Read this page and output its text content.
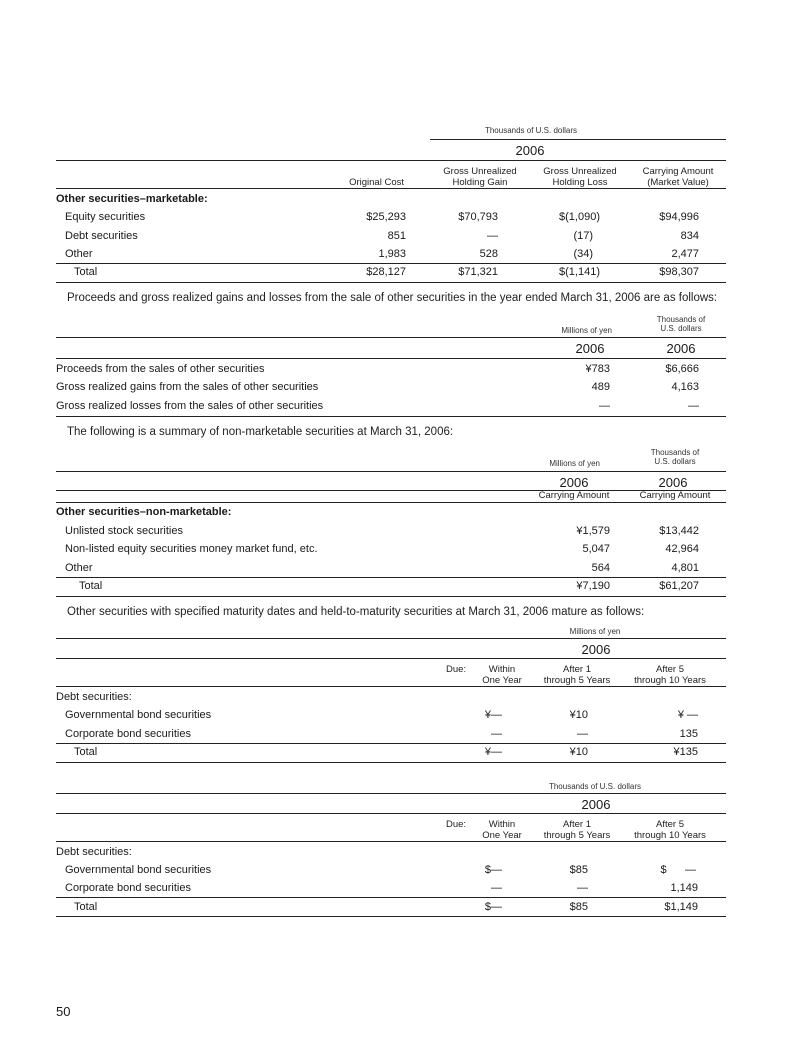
Thousands of U.S. dollars
2006

Original Cost
Gross Unrealized
Holding Gain
Gross Unrealized
Holding Loss
Carrying Amount
(Market Value)
Other securities–marketable:
Equity securities	$25,293	$70,793	$(1,090)	$94,996
Debt securities	851	—	(17)	834
Other	1,983	528	(34)	2,477
Total	$28,127	$71,321	$(1,141)	$98,307
Proceeds and gross realized gains and losses from the sale of other securities in the year ended March 31, 2006 are as follows:
Millions of yen
Thousands of
U.S. dollars
2006	2006
Proceeds from the sales of other securities	¥783	$6,666
Gross realized gains from the sales of other securities	489	4,163
Gross realized losses from the sales of other securities	—	—
The following is a summary of non-marketable securities at March 31, 2006:
Millions of yen
Thousands of
U.S. dollars
2006	2006
Carrying Amount	Carrying Amount
Other securities–non-marketable:
Unlisted stock securities	¥1,579	$13,442
Non-listed equity securities money market fund, etc.	5,047	42,964
Other	564	4,801
Total	¥7,190	$61,207
Other securities with specified maturity dates and held-to-maturity securities at March 31, 2006 mature as follows:
Millions of yen
2006
Due:	Within
One Year
After 1
through 5 Years
After 5
through 10 Years
Debt securities:
Governmental bond securities	¥—	¥10	¥ —
Corporate bond securities	—	—	135
Total	¥—	¥10	¥135
Thousands of U.S. dollars
2006
Due:	Within
One Year
After 1
through 5 Years
After 5
through 10 Years
Debt securities:
Governmental bond securities	$—	$85	$      —
Corporate bond securities	—	—	1,149
Total	$—	$85	$1,149
50
